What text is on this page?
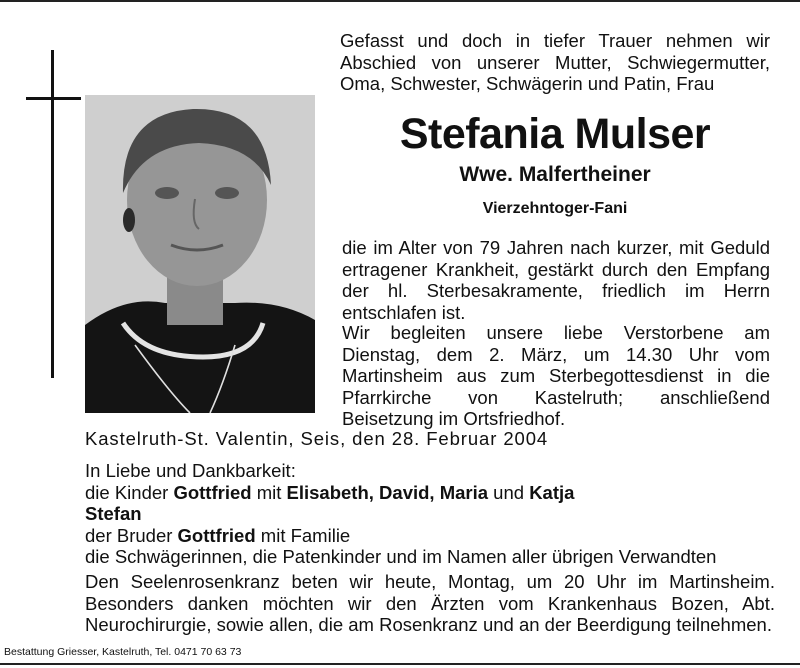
Gefasst und doch in tiefer Trauer nehmen wir Abschied von unserer Mutter, Schwiegermutter, Oma, Schwester, Schwägerin und Patin, Frau
Stefania Mulser
Wwe. Malfertheiner
Vierzehntoger-Fani
die im Alter von 79 Jahren nach kurzer, mit Geduld ertragener Krankheit, gestärkt durch den Empfang der hl. Sterbesakramente, friedlich im Herrn entschlafen ist.
Wir begleiten unsere liebe Verstorbene am Dienstag, dem 2. März, um 14.30 Uhr vom Martinsheim aus zum Sterbegottesdienst in die Pfarrkirche von Kastelruth; anschließend Beisetzung im Ortsfriedhof.
Kastelruth-St. Valentin, Seis, den 28. Februar 2004
In Liebe und Dankbarkeit:
die Kinder Gottfried mit Elisabeth, David, Maria und Katja
Stefan
der Bruder Gottfried mit Familie
die Schwägerinnen, die Patenkinder und im Namen aller übrigen Verwandten
Den Seelenrosenkranz beten wir heute, Montag, um 20 Uhr im Martinsheim. Besonders danken möchten wir den Ärzten vom Krankenhaus Bozen, Abt. Neurochirurgie, sowie allen, die am Rosenkranz und an der Beerdigung teilnehmen.
Bestattung Griesser, Kastelruth, Tel. 0471 70 63 73
